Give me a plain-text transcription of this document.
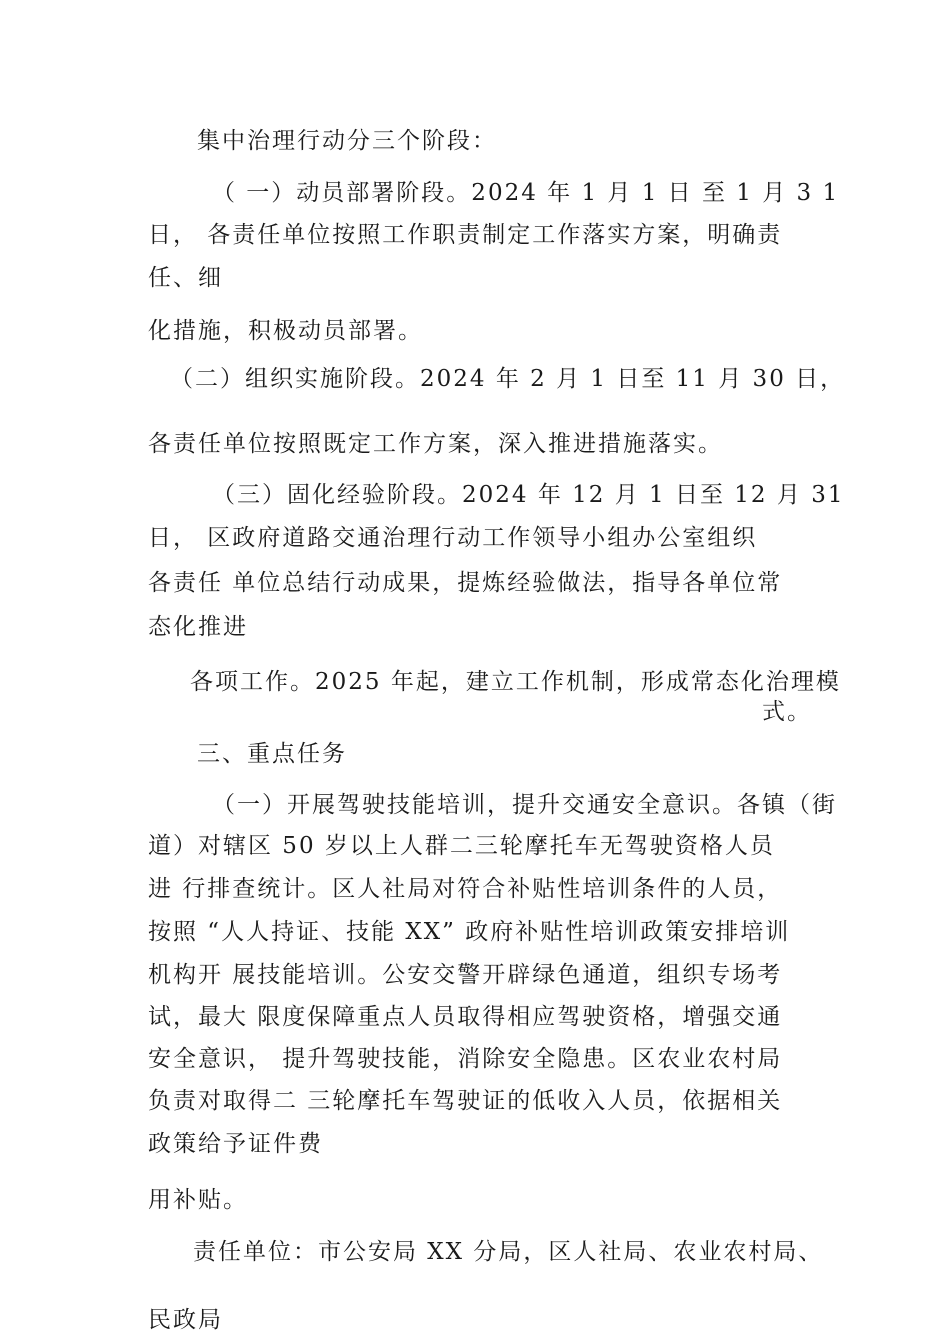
集中治理行动分三个阶段：
（ 一）动员部署阶段。2024 年 1 月 1 日 至 1 月 3 1
日， 各责任单位按照工作职责制定工作落实方案，明确责
任、细
化措施，积极动员部署。
（二）组织实施阶段。2024 年 2 月 1 日至 11 月 30 日，
各责任单位按照既定工作方案，深入推进措施落实。
（三）固化经验阶段。2024 年 12 月 1 日至 12 月 31
日， 区政府道路交通治理行动工作领导小组办公室组织
各责任 单位总结行动成果，提炼经验做法，指导各单位常
态化推进
各项工作。2025 年起，建立工作机制，形成常态化治理模
式。
三、重点任务
（一）开展驾驶技能培训，提升交通安全意识。各镇（街
道）对辖区 50 岁以上人群二三轮摩托车无驾驶资格人员
进 行排查统计。区人社局对符合补贴性培训条件的人员，
按照 “人人持证、技能 XX” 政府补贴性培训政策安排培训
机构开 展技能培训。公安交警开辟绿色通道，组织专场考
试，最大 限度保障重点人员取得相应驾驶资格，增强交通
安全意识， 提升驾驶技能，消除安全隐患。区农业农村局
负责对取得二 三轮摩托车驾驶证的低收入人员，依据相关
政策给予证件费
用补贴。
责任单位：市公安局 XX 分局，区人社局、农业农村局、
民政局
